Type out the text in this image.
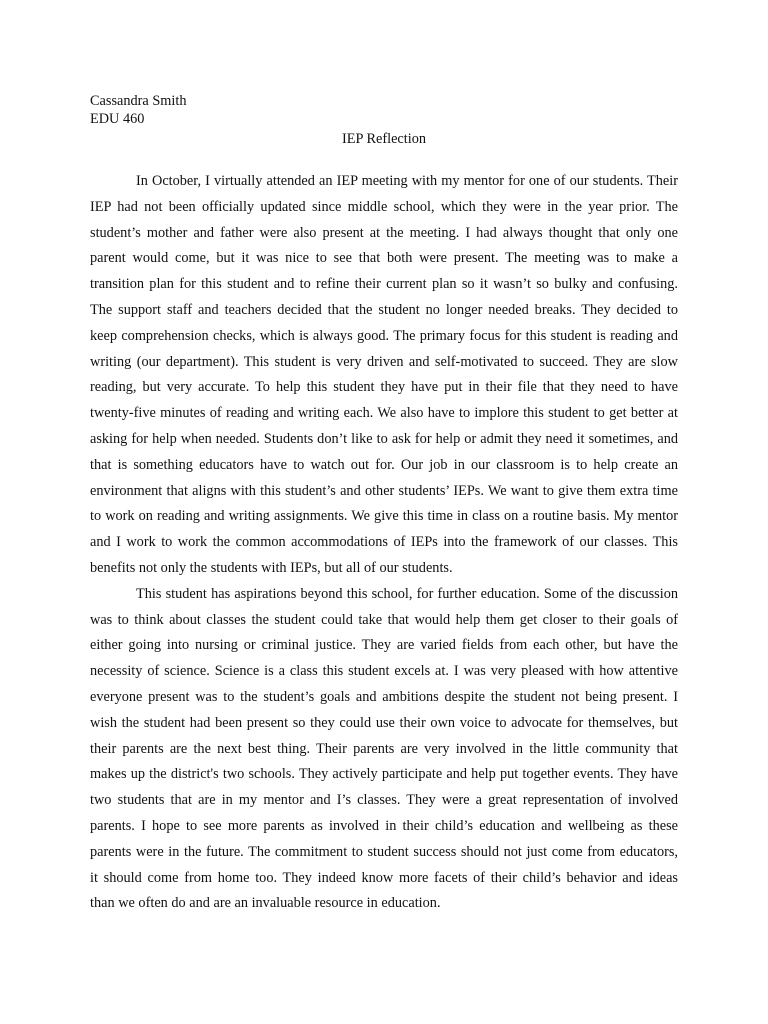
Cassandra Smith
EDU 460
IEP Reflection
In October, I virtually attended an IEP meeting with my mentor for one of our students. Their
IEP had not been officially updated since middle school, which they were in the year prior. The
student’s mother and father were also present at the meeting. I had always thought that only one
parent would come, but it was nice to see that both were present. The meeting was to make a
transition plan for this student and to refine their current plan so it wasn’t so bulky and confusing.
The support staff and teachers decided that the student no longer needed breaks. They decided to
keep comprehension checks, which is always good. The primary focus for this student is reading and
writing (our department). This student is very driven and self-motivated to succeed. They are slow
reading, but very accurate. To help this student they have put in their file that they need to have
twenty-five minutes of reading and writing each. We also have to implore this student to get better at
asking for help when needed. Students don’t like to ask for help or admit they need it sometimes, and
that is something educators have to watch out for. Our job in our classroom is to help create an
environment that aligns with this student’s and other students’ IEPs. We want to give them extra time
to work on reading and writing assignments. We give this time in class on a routine basis. My mentor
and I work to work the common accommodations of IEPs into the framework of our classes. This
benefits not only the students with IEPs, but all of our students.
This student has aspirations beyond this school, for further education. Some of the discussion
was to think about classes the student could take that would help them get closer to their goals of
either going into nursing or criminal justice. They are varied fields from each other, but have the
necessity of science. Science is a class this student excels at. I was very pleased with how attentive
everyone present was to the student’s goals and ambitions despite the student not being present. I
wish the student had been present so they could use their own voice to advocate for themselves, but
their parents are the next best thing. Their parents are very involved in the little community that
makes up the district's two schools. They actively participate and help put together events. They have
two students that are in my mentor and I’s classes. They were a great representation of involved
parents. I hope to see more parents as involved in their child’s education and wellbeing as these
parents were in the future. The commitment to student success should not just come from educators,
it should come from home too. They indeed know more facets of their child’s behavior and ideas
than we often do and are an invaluable resource in education.
